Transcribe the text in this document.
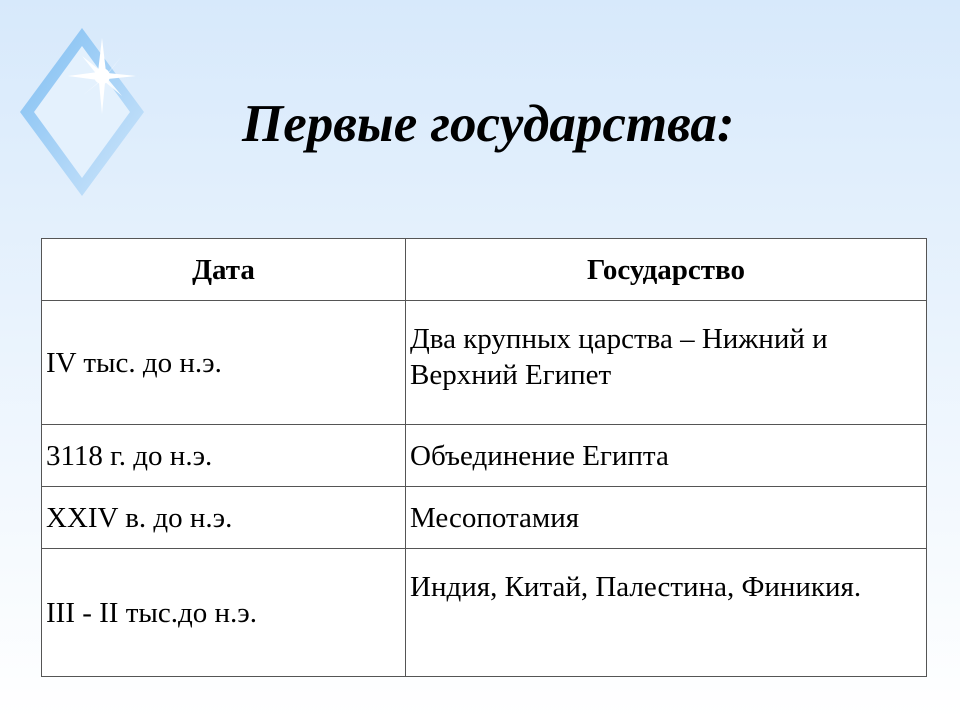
Первые государства:
Дата	Государство
IV тыс. до н.э.	Два крупных царства – Нижний и Верхний Египет
3118 г. до н.э.	Объединение Египта
XXIV в. до н.э.	Месопотамия
III - II тыс.до н.э.	Индия, Китай, Палестина, Финикия.
